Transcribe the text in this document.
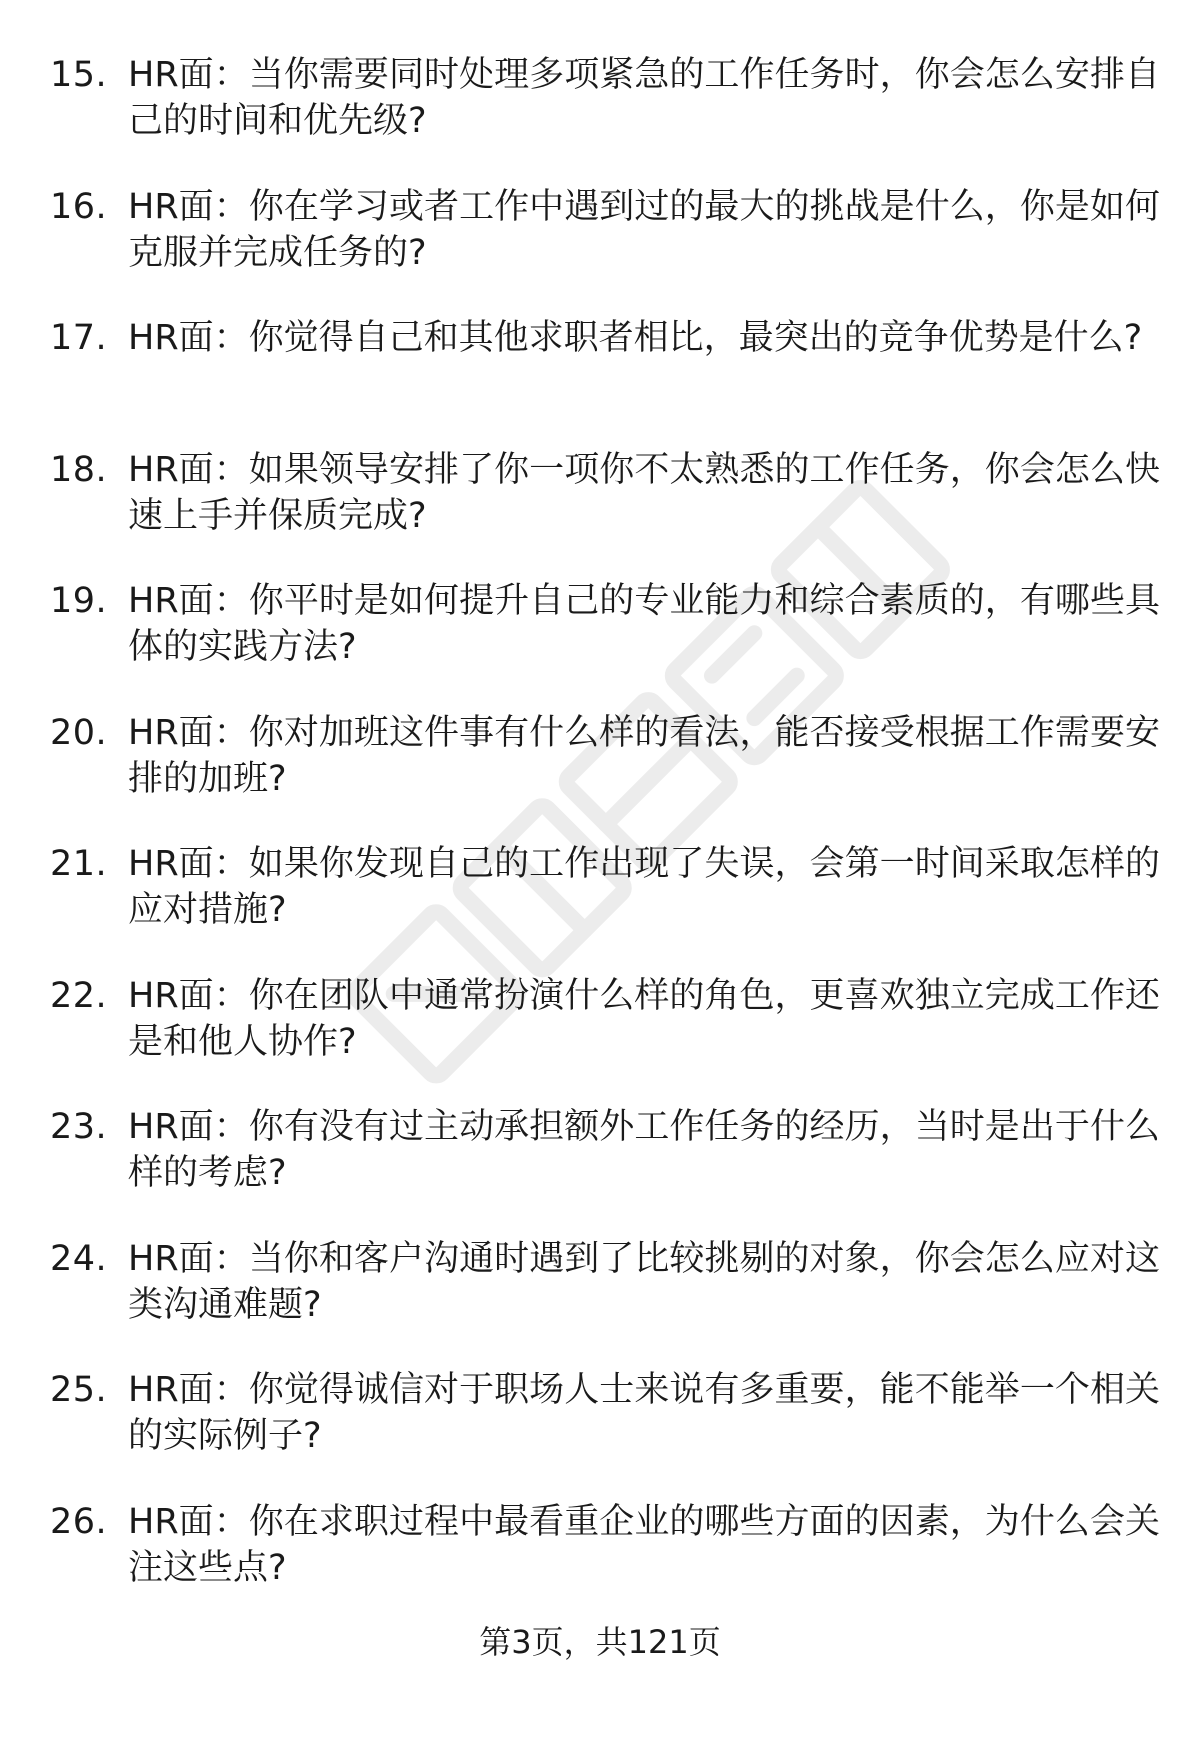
15. HR面：当你需要同时处理多项紧急的工作任务时，你会怎么安排自己的时间和优先级?
16. HR面：你在学习或者工作中遇到过的最大的挑战是什么，你是如何克服并完成任务的?
17. HR面：你觉得自己和其他求职者相比，最突出的竞争优势是什么?
18. HR面：如果领导安排了你一项你不太熟悉的工作任务，你会怎么快速上手并保质完成?
19. HR面：你平时是如何提升自己的专业能力和综合素质的，有哪些具体的实践方法?
20. HR面：你对加班这件事有什么样的看法，能否接受根据工作需要安排的加班?
21. HR面：如果你发现自己的工作出现了失误，会第一时间采取怎样的应对措施?
22. HR面：你在团队中通常扮演什么样的角色，更喜欢独立完成工作还是和他人协作?
23. HR面：你有没有过主动承担额外工作任务的经历，当时是出于什么样的考虑?
24. HR面：当你和客户沟通时遇到了比较挑剔的对象，你会怎么应对这类沟通难题?
25. HR面：你觉得诚信对于职场人士来说有多重要，能不能举一个相关的实际例子?
26. HR面：你在求职过程中最看重企业的哪些方面的因素，为什么会关注这些点?
第3页，共121页
